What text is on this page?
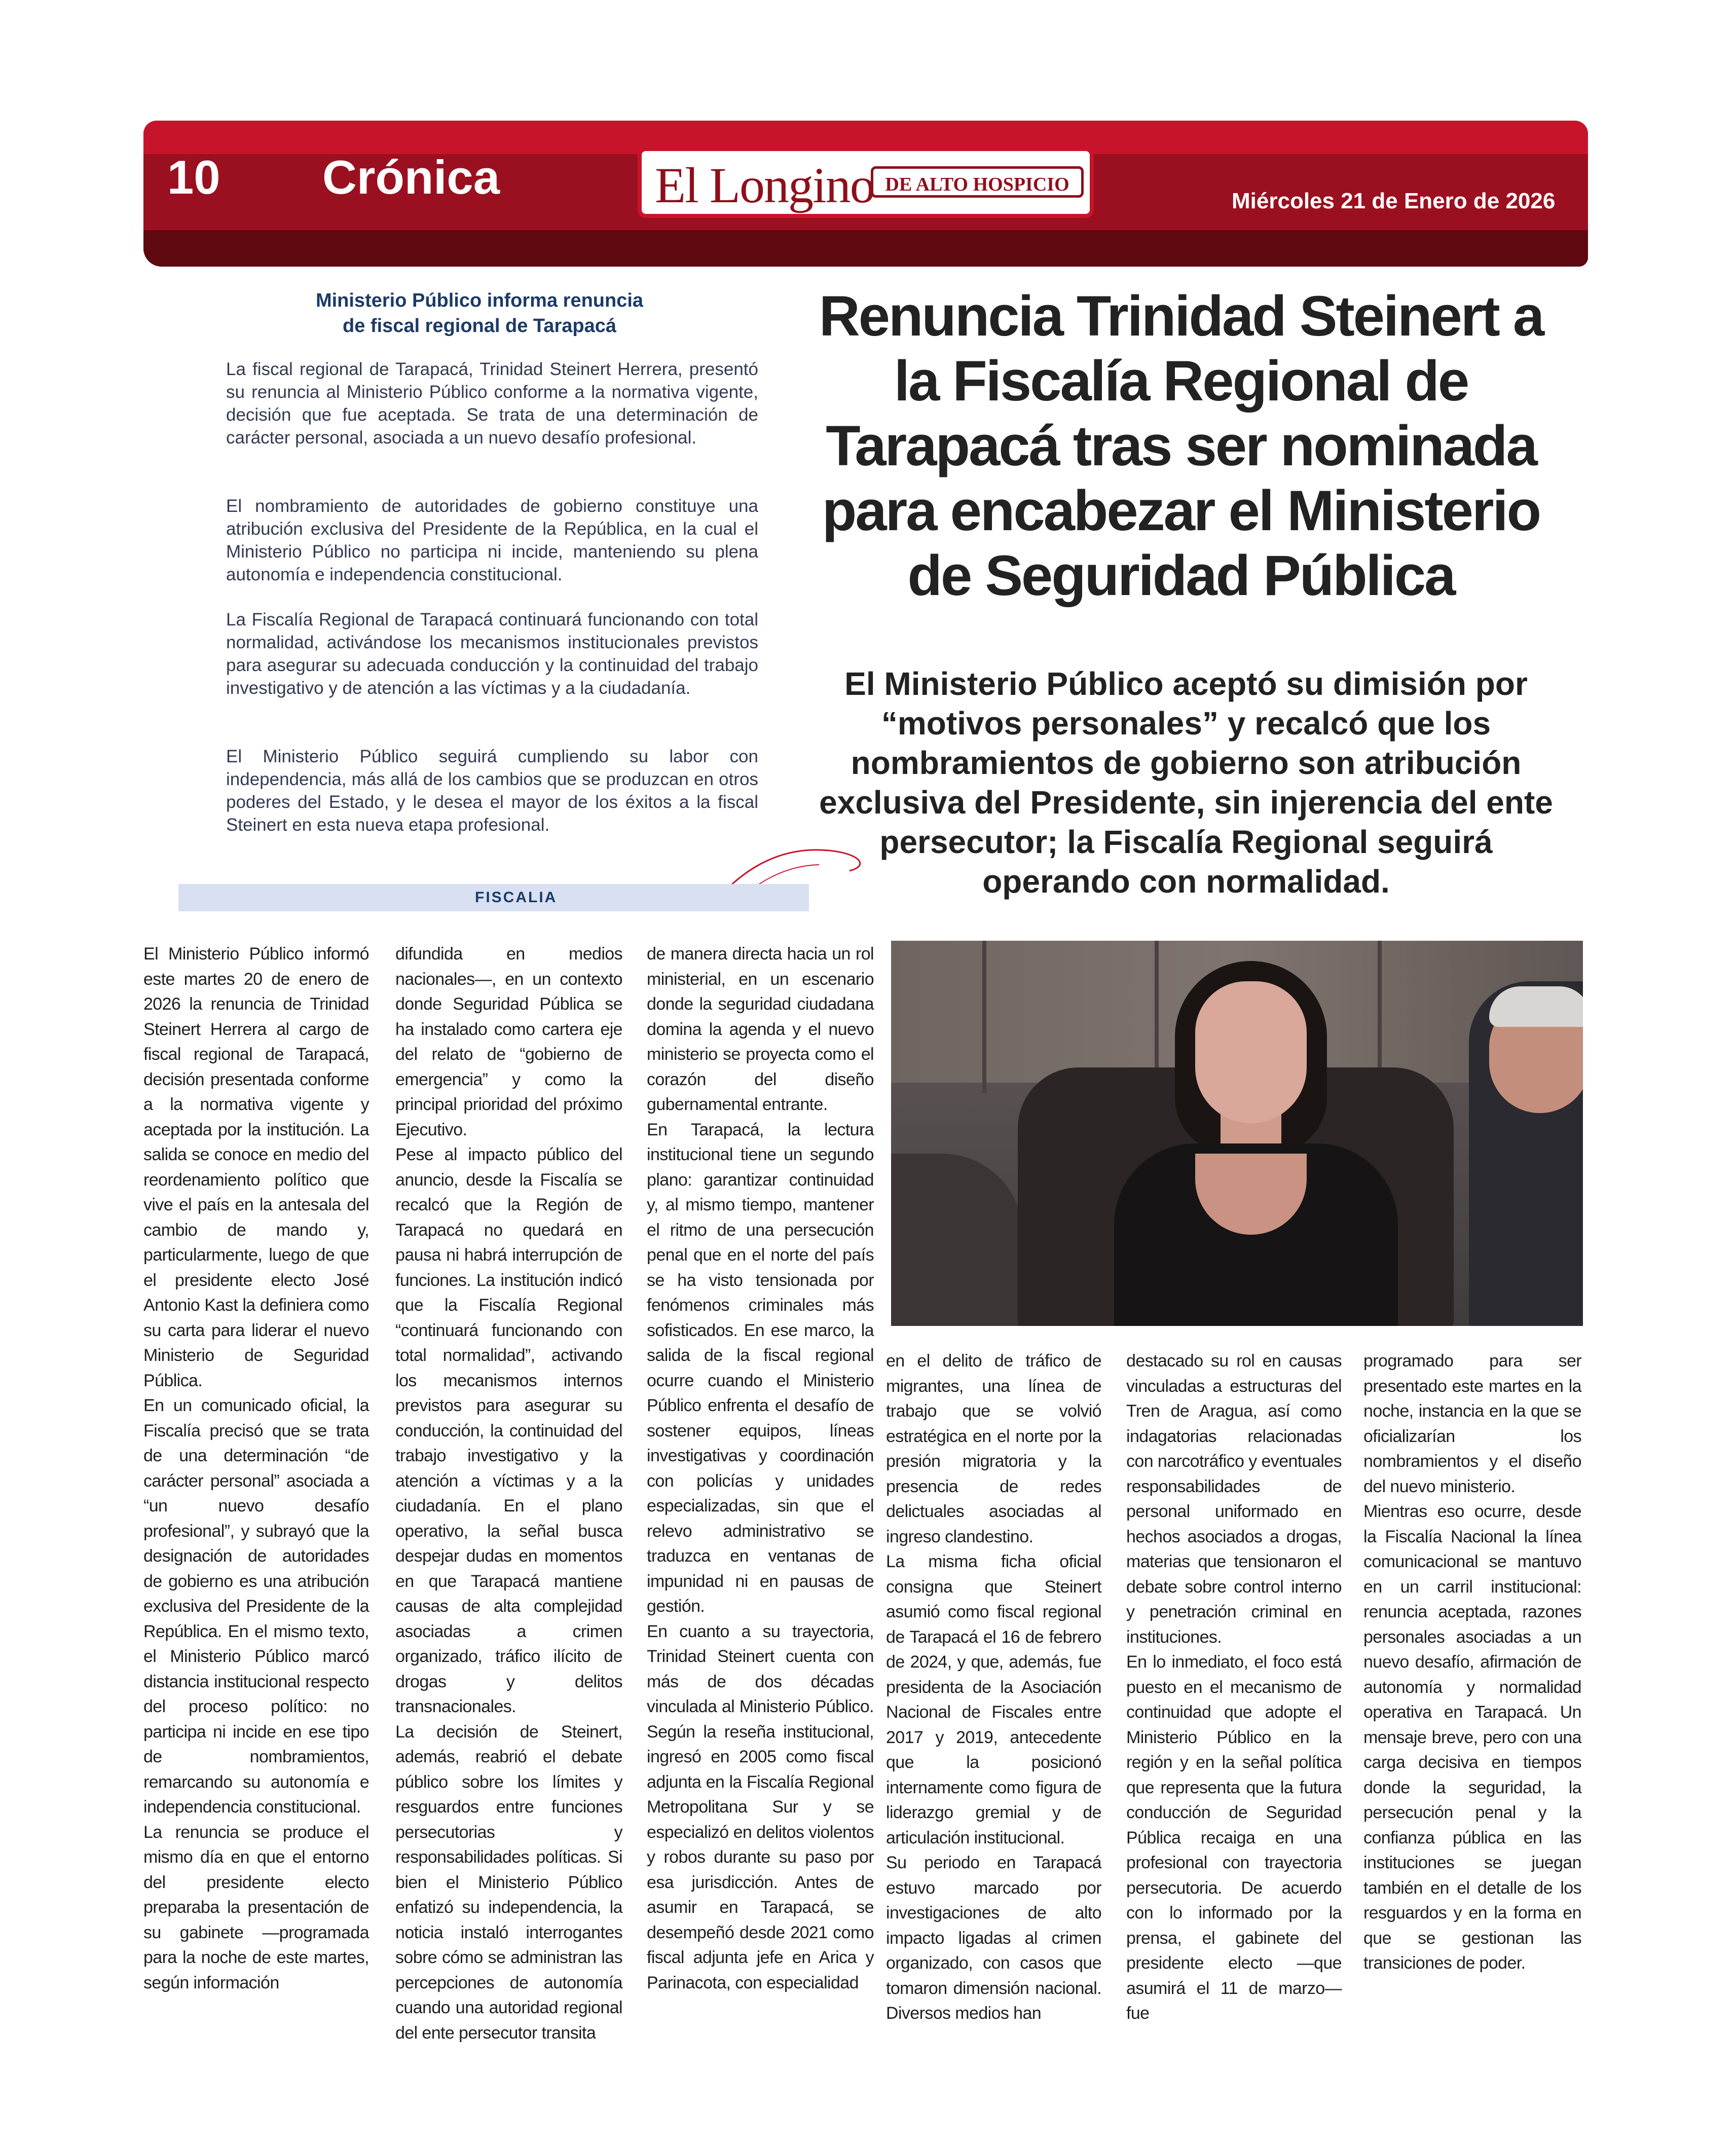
10 Crónica	El Longino DE ALTO HOSPICIO
Miércoles 21 de Enero de 2026
Ministerio Público informa renuncia
de fiscal regional de Tarapacá

La fiscal regional de Tarapacá, Trinidad Steinert Herrera, presentó su renuncia al Ministerio Público conforme a la normativa vigente, decisión que fue aceptada. Se trata de una determinación de carácter personal, asociada a un nuevo desafío profesional.

El nombramiento de autoridades de gobierno constituye una atribución exclusiva del Presidente de la República, en la cual el Ministerio Público no participa ni incide, manteniendo su plena autonomía e independencia constitucional.

La Fiscalía Regional de Tarapacá continuará funcionando con total normalidad, activándose los mecanismos institucionales previstos para asegurar su adecuada conducción y la continuidad del trabajo investigativo y de atención a las víctimas y a la ciudadanía.

El Ministerio Público seguirá cumpliendo su labor con independencia, más allá de los cambios que se produzcan en otros poderes del Estado, y le desea el mayor de los éxitos a la fiscal Steinert en esta nueva etapa profesional.

FISCALIA
Renuncia Trinidad Steinert a la Fiscalía Regional de Tarapacá tras ser nominada para encabezar el Ministerio de Seguridad Pública

El Ministerio Público aceptó su dimisión por “motivos personales” y recalcó que los nombramientos de gobierno son atribución exclusiva del Presidente, sin injerencia del ente persecutor; la Fiscalía Regional seguirá operando con normalidad.

El Ministerio Público informó este martes 20 de enero de 2026 la renuncia de Trinidad Steinert Herrera al cargo de fiscal regional de Tarapacá, decisión presentada conforme a la normativa vigente y aceptada por la institución. La salida se conoce en medio del reordenamiento político que vive el país en la antesala del cambio de mando y, particularmente, luego de que el presidente electo José Antonio Kast la definiera como su carta para liderar el nuevo Ministerio de Seguridad Pública.

En un comunicado oficial, la Fiscalía precisó que se trata de una determinación “de carácter personal” asociada a “un nuevo desafío profesional”, y subrayó que la designación de autoridades de gobierno es una atribución exclusiva del Presidente de la República. En el mismo texto, el Ministerio Público marcó distancia institucional respecto del proceso político: no participa ni incide en ese tipo de nombramientos, remarcando su autonomía e independencia constitucional.

La renuncia se produce el mismo día en que el entorno del presidente electo preparaba la presentación de su gabinete —programada para la noche de este martes, según información

difundida en medios nacionales—, en un contexto donde Seguridad Pública se ha instalado como cartera eje del relato de “gobierno de emergencia” y como la principal prioridad del próximo Ejecutivo.

Pese al impacto público del anuncio, desde la Fiscalía se recalcó que la Región de Tarapacá no quedará en pausa ni habrá interrupción de funciones. La institución indicó que la Fiscalía Regional “continuará funcionando con total normalidad”, activando los mecanismos internos previstos para asegurar su conducción, la continuidad del trabajo investigativo y la atención a víctimas y a la ciudadanía. En el plano operativo, la señal busca despejar dudas en momentos en que Tarapacá mantiene causas de alta complejidad asociadas a crimen organizado, tráfico ilícito de drogas y delitos transnacionales.

La decisión de Steinert, además, reabrió el debate público sobre los límites y resguardos entre funciones persecutorias y responsabilidades políticas. Si bien el Ministerio Público enfatizó su independencia, la noticia instaló interrogantes sobre cómo se administran las percepciones de autonomía cuando una autoridad regional del ente persecutor transita

de manera directa hacia un rol ministerial, en un escenario donde la seguridad ciudadana domina la agenda y el nuevo ministerio se proyecta como el corazón del diseño gubernamental entrante.

En Tarapacá, la lectura institucional tiene un segundo plano: garantizar continuidad y, al mismo tiempo, mantener el ritmo de una persecución penal que en el norte del país se ha visto tensionada por fenómenos criminales más sofisticados. En ese marco, la salida de la fiscal regional ocurre cuando el Ministerio Público enfrenta el desafío de sostener equipos, líneas investigativas y coordinación con policías y unidades especializadas, sin que el relevo administrativo se traduzca en ventanas de impunidad ni en pausas de gestión.

En cuanto a su trayectoria, Trinidad Steinert cuenta con más de dos décadas vinculada al Ministerio Público. Según la reseña institucional, ingresó en 2005 como fiscal adjunta en la Fiscalía Regional Metropolitana Sur y se especializó en delitos violentos y robos durante su paso por esa jurisdicción. Antes de asumir en Tarapacá, se desempeñó desde 2021 como fiscal adjunta jefe en Arica y Parinacota, con especialidad

en el delito de tráfico de migrantes, una línea de trabajo que se volvió estratégica en el norte por la presión migratoria y la presencia de redes delictuales asociadas al ingreso clandestino.

La misma ficha oficial consigna que Steinert asumió como fiscal regional de Tarapacá el 16 de febrero de 2024, y que, además, fue presidenta de la Asociación Nacional de Fiscales entre 2017 y 2019, antecedente que la posicionó internamente como figura de liderazgo gremial y de articulación institucional.

Su periodo en Tarapacá estuvo marcado por investigaciones de alto impacto ligadas al crimen organizado, con casos que tomaron dimensión nacional. Diversos medios han

destacado su rol en causas vinculadas a estructuras del Tren de Aragua, así como indagatorias relacionadas con narcotráfico y eventuales responsabilidades de personal uniformado en hechos asociados a drogas, materias que tensionaron el debate sobre control interno y penetración criminal en instituciones.

En lo inmediato, el foco está puesto en el mecanismo de continuidad que adopte el Ministerio Público en la región y en la señal política que representa que la futura conducción de Seguridad Pública recaiga en una profesional con trayectoria persecutoria. De acuerdo con lo informado por la prensa, el gabinete del presidente electo —que asumirá el 11 de marzo— fue

programado para ser presentado este martes en la noche, instancia en la que se oficializarían los nombramientos y el diseño del nuevo ministerio.

Mientras eso ocurre, desde la Fiscalía Nacional la línea comunicacional se mantuvo en un carril institucional: renuncia aceptada, razones personales asociadas a un nuevo desafío, afirmación de autonomía y normalidad operativa en Tarapacá. Un mensaje breve, pero con una carga decisiva en tiempos donde la seguridad, la persecución penal y la confianza pública en las instituciones se juegan también en el detalle de los resguardos y en la forma en que se gestionan las transiciones de poder.
